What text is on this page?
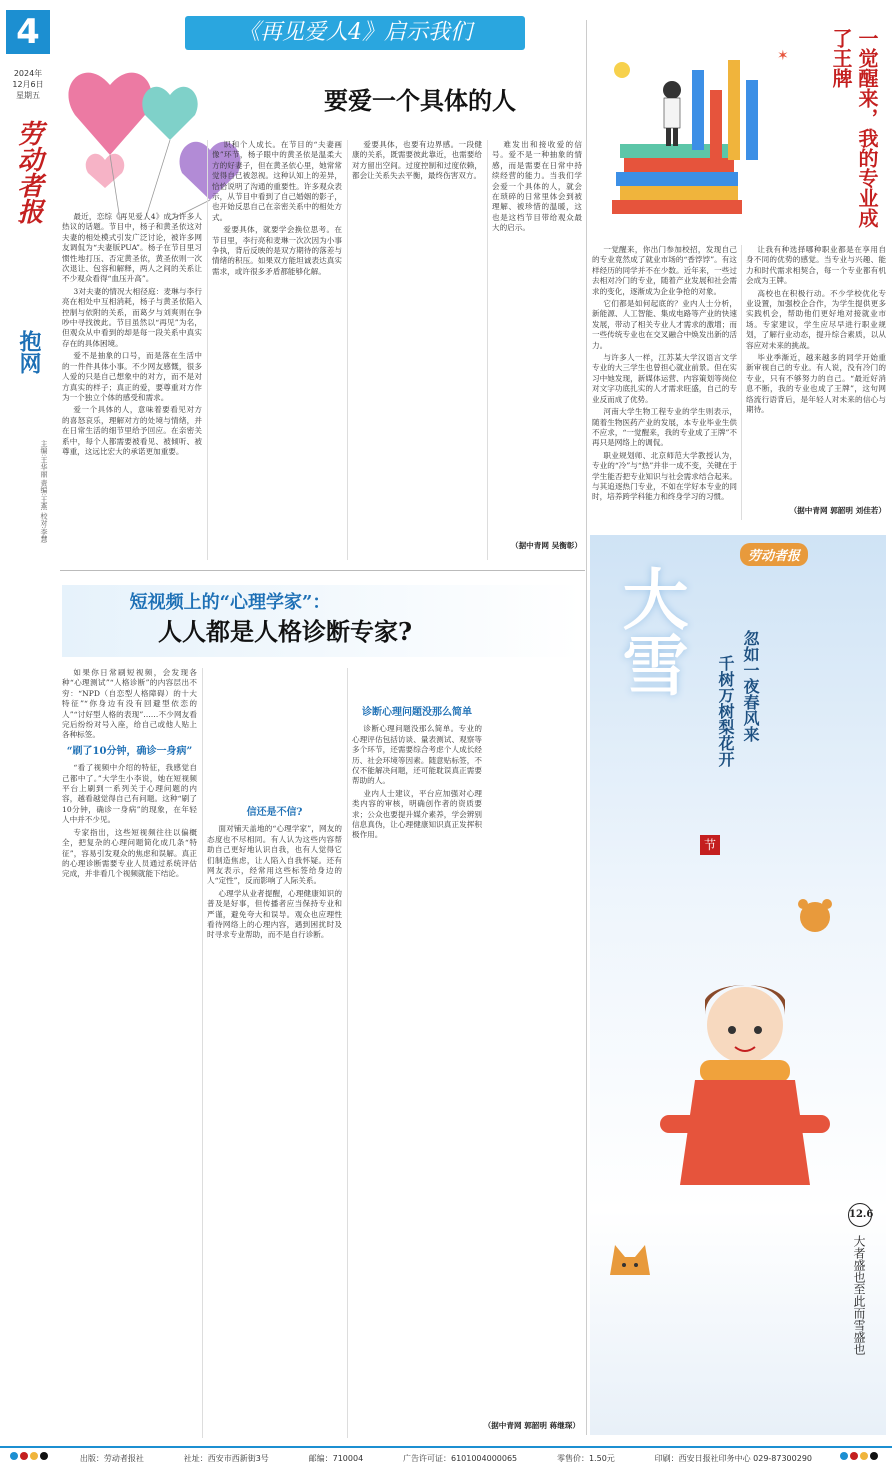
4	《再见爱人4》启示我们
2024年
12月6日
星期五
劳动者报
抱网
主编:王华丽 责编:王燕 校对:李慧
要爱一个具体的人

最近，恋综《再见爱人4》成为许多人热议的话题。节目中，杨子和黄圣依这对夫妻的相处模式引发广泛讨论，被许多网友调侃为“夫妻版PUA”。杨子在节目里习惯性地打压、否定黄圣依，黄圣依则一次次退让、包容和解释，两人之间的关系让不少观众看得“血压升高”。

3对夫妻的情况大相径庭：麦琳与李行亮在相处中互相消耗，杨子与黄圣依陷入控制与依附的关系，而葛夕与刘爽则在争吵中寻找彼此。节目虽然以“再见”为名，但观众从中看到的却是每一段关系中真实存在的具体困境。

爱不是抽象的口号，而是落在生活中的一件件具体小事。不少网友感慨，很多人爱的只是自己想象中的对方，而不是对方真实的样子；真正的爱，要尊重对方作为一个独立个体的感受和需求。

爱一个具体的人，意味着要看见对方的喜怒哀乐，理解对方的处境与情绪，并在日常生活的细节里给予回应。在亲密关系中，每个人都需要被看见、被倾听、被尊重，这远比宏大的承诺更加重要。

识和个人成长。在节目的“夫妻画像”环节，杨子眼中的黄圣依是温柔大方的好妻子，但在黄圣依心里，她常常觉得自己被忽视。这种认知上的差异，恰恰说明了沟通的重要性。许多观众表示，从节目中看到了自己婚姻的影子，也开始反思自己在亲密关系中的相处方式。

爱要具体，就要学会换位思考。在节目里，李行亮和麦琳一次次因为小事争执，背后反映的是双方期待的落差与情绪的积压。如果双方能坦诚表达真实需求，或许很多矛盾都能够化解。

爱要具体，也要有边界感。一段健康的关系，既需要彼此靠近，也需要给对方留出空间。过度控制和过度依赖，都会让关系失去平衡，最终伤害双方。

难发出和接收爱的信号。爱不是一种抽象的情感，而是需要在日常中持续经营的能力。当我们学会爱一个具体的人，就会在琐碎的日常里体会到被理解、被珍惜的温暖，这也是这档节目带给观众最大的启示。
（据中青网 吴衡彰）
短视频上的“心理学家”：
人人都是人格诊断专家?

如果你日常刷短视频，会发现各种“心理测试”“人格诊断”的内容层出不穷：“NPD（自恋型人格障碍）的十大特征”“你身边有没有回避型依恋的人”“讨好型人格的表现”……不少网友看完后纷纷对号入座，给自己或他人贴上各种标签。

“刷了10分钟，确诊一身病”

“看了视频中介绍的特征，我感觉自己都中了。”大学生小李说，她在短视频平台上刷到一系列关于心理问题的内容，越看越觉得自己有问题。这种“刷了10分钟，确诊一身病”的现象，在年轻人中并不少见。

专家指出，这些短视频往往以偏概全，把复杂的心理问题简化成几条“特征”，容易引发观众的焦虑和误解。真正的心理诊断需要专业人员通过系统评估完成，并非看几个视频就能下结论。

信还是不信?

面对铺天盖地的“心理学家”，网友的态度也不尽相同。有人认为这些内容帮助自己更好地认识自我，也有人觉得它们制造焦虑，让人陷入自我怀疑。还有网友表示，经常用这些标签给身边的人“定性”，反而影响了人际关系。

心理学从业者提醒，心理健康知识的普及是好事，但传播者应当保持专业和严谨，避免夸大和误导。观众也应理性看待网络上的心理内容，遇到困扰时及时寻求专业帮助，而不是自行诊断。

诊断心理问题没那么简单

诊断心理问题没那么简单。专业的心理评估包括访谈、量表测试、观察等多个环节，还需要综合考虑个人成长经历、社会环境等因素。随意贴标签，不仅不能解决问题，还可能耽误真正需要帮助的人。

业内人士建议，平台应加强对心理类内容的审核，明确创作者的资质要求；公众也要提升媒介素养，学会辨别信息真伪，让心理健康知识真正发挥积极作用。

（据中青网 郭韶明 蒋继琛）
✶	一觉醒来，我的专业成了王牌

一觉醒来，你出门参加校招，发现自己的专业竟然成了就业市场的“香饽饽”。有这样经历的同学并不在少数。近年来，一些过去相对冷门的专业，随着产业发展和社会需求的变化，逐渐成为企业争抢的对象。

它们都是如何起底的？业内人士分析，新能源、人工智能、集成电路等产业的快速发展，带动了相关专业人才需求的激增；而一些传统专业也在交叉融合中焕发出新的活力。

与许多人一样，江苏某大学汉语言文学专业的大三学生也曾担心就业前景。但在实习中她发现，新媒体运营、内容策划等岗位对文字功底扎实的人才需求旺盛，自己的专业反而成了优势。

河南大学生物工程专业的学生则表示，随着生物医药产业的发展，本专业毕业生供不应求，“一觉醒来，我的专业成了王牌”不再只是网络上的调侃。

职业规划师、北京师范大学教授认为，专业的“冷”与“热”并非一成不变，关键在于学生能否把专业知识与社会需求结合起来。与其追逐热门专业，不如在学好本专业的同时，培养跨学科能力和终身学习的习惯。

让我有种选择哪种职业都是在享用自身不同的优势的感觉。当专业与兴趣、能力和时代需求相契合，每一个专业都有机会成为王牌。

高校也在积极行动。不少学校优化专业设置，加强校企合作，为学生提供更多实践机会，帮助他们更好地对接就业市场。专家建议，学生应尽早进行职业规划，了解行业动态，提升综合素质，以从容应对未来的挑战。

毕业季渐近，越来越多的同学开始重新审视自己的专业。有人说，没有冷门的专业，只有不够努力的自己。“最近好消息不断，我的专业也成了王牌”，这句网络流行语背后，是年轻人对未来的信心与期待。

（据中青网 郭韶明 刘佳若）
劳动者报
大雪	忽如一夜春风来
千树万树梨花开
节
大者盛也至此而雪盛也
12.6
出版：劳动者报社	社址：西安市西新街3号	邮编：710004	广告许可证：6101004000065	零售价：1.50元	印刷：西安日报社印务中心 029-87300290
